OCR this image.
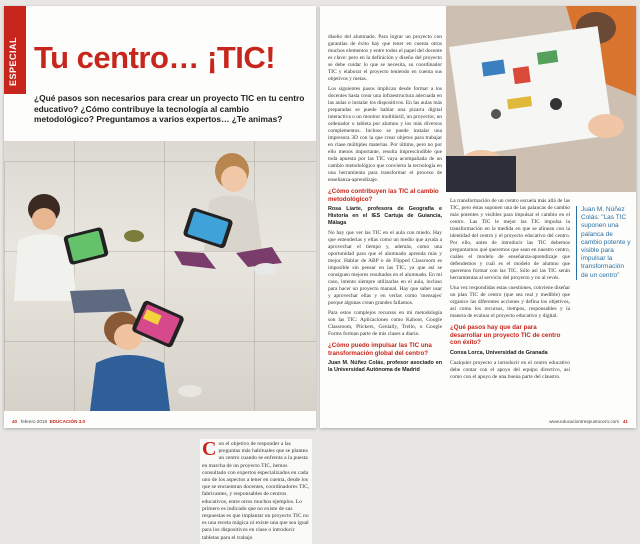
ESPECIAL Tu centro… ¡TIC!
¿Qué pasos son necesarios para crear un proyecto TIC en tu centro educativo? ¿Cómo contribuye la tecnología al cambio metodológico? Preguntamos a varios expertos… ¿Te animas?
Con el objetivo de responder a las preguntas más habituales que se plantea un centro cuando se enfrenta a la puesta en marcha de un proyecto TIC, hemos consultado con expertos especializados en cada uno de los aspectos a tener en cuenta, desde los que se encuentran docentes, coordinadores TIC, fabricantes, y responsables de centros educativos, entre otros muchos ejemplos. Lo primero es indicado que no existe de sus respuestas es que implantar un proyecto TIC no es una receta mágica ni existe una que sea igual para los dispositivos en clase o introducir tabletas para el trabajo
40 febrero 2019 EDUCACIÓN 3.0

diseño del alumnado. Para lograr un proyecto con garantías de éxito hay que tener en cuenta otros muchos elementos y entre todos el papel del docente es clave: pero en la definición y diseño del proyecto se debe cuidar lo que se necesita, su coordinador TIC y elaborar el proyecto teniendo en cuenta sus objetivos y metas.

Los siguientes pasos implican desde formar a los docentes hasta crear una infraestructura adecuada en las aulas o instalar los dispositivos. En las aulas más preparadas se puede hablar una pizarra digital interactiva o un monitor multitáctil, un proyector, un ordenador o tableta por alumno y los más diversos complementos. Incluso se puede instalar una impresora 3D con la que crear objetos para trabajar en clase múltiples materias. Por último, pero no por ello menos importante, resulta imprescindible que toda apuesta por las TIC vaya acompañada de un cambio metodológico que convierta la tecnología en una herramienta para transformar el proceso de enseñanza-aprendizaje.

¿Cómo contribuyen las TIC al cambio metodológico?

Rosa Liarte, profesora de Geografía e Historia en el IES Cartuja de Guiancia, Málaga

No hay que ver las TIC en el aula con miedo. Hay que entenderlas y ellas como un medio que ayuda a aprovechar el tiempo y, además, como una oportunidad para que el alumnado aprenda más y mejor. Hablar de ABP o de Flipped Classroom es imposible sin pensar en las TIC, ya que así se consiguen mejores resultados en el alumnado. En mi caso, intento siempre utilizarlas en el aula, incluso para hacer un proyecto manual. Hay que saber usar y aprovechar ellas y en verlas como 'mensajes' porque algunas crean grandes fallamos.

Para estos complejos recursos en mi metodología son las TIC: Aplicaciones como Kahoot, Google Classroom, Plickers, Genially, Trello, o Google Forms forman parte de mis clases a diario.

¿Cómo puedo impulsar las TIC una transformación global del centro?

Juan M. Núñez Colás, profesor asociado en la Universidad Autónoma de Madrid

La transformación de un centro escuela más allá de las TIC, pero éstas suponen una de las palancas de cambio más potentes y visibles para impulsar el cambio en el centro. Las TIC le mejor las TIC impulsa la transformación en la medida en que se alinean con la identidad del centro y el proyecto educativo del centro. Por ello, antes de introducir las TIC debemos preguntarnos qué queremos que sean en nuestro centro, cuáles el modelo de enseñanza-aprendizaje que defendemos y cuál es el modelo de alumno que queremos formar con las TIC. Sólo así las TIC serán herramientas al servicio del proyecto y no al revés.

Una vez respondidas estas cuestiones, conviene diseñar un plan TIC de centro (que sea real y medible) que organice las diferentes acciones y defina los objetivos, así como los recursos, tiempos, responsables y la manera de evaluar el proyecto educativo y digital.

¿Qué pasos hay que dar para desarrollar un proyecto TIC de centro con éxito?

Conxa Lorca, Universidad de Granada

Cualquier proyecto a introducir en el centro educativo debe contar con el apoyo del equipo directivo, así como con el apoyo de una buena parte del claustro.

Juan M. Núñez Colás: "Las TIC suponen una palanca de cambio potente y visible para impulsar la transformación de un centro"
www.educaciontrespuntocero.com 41
